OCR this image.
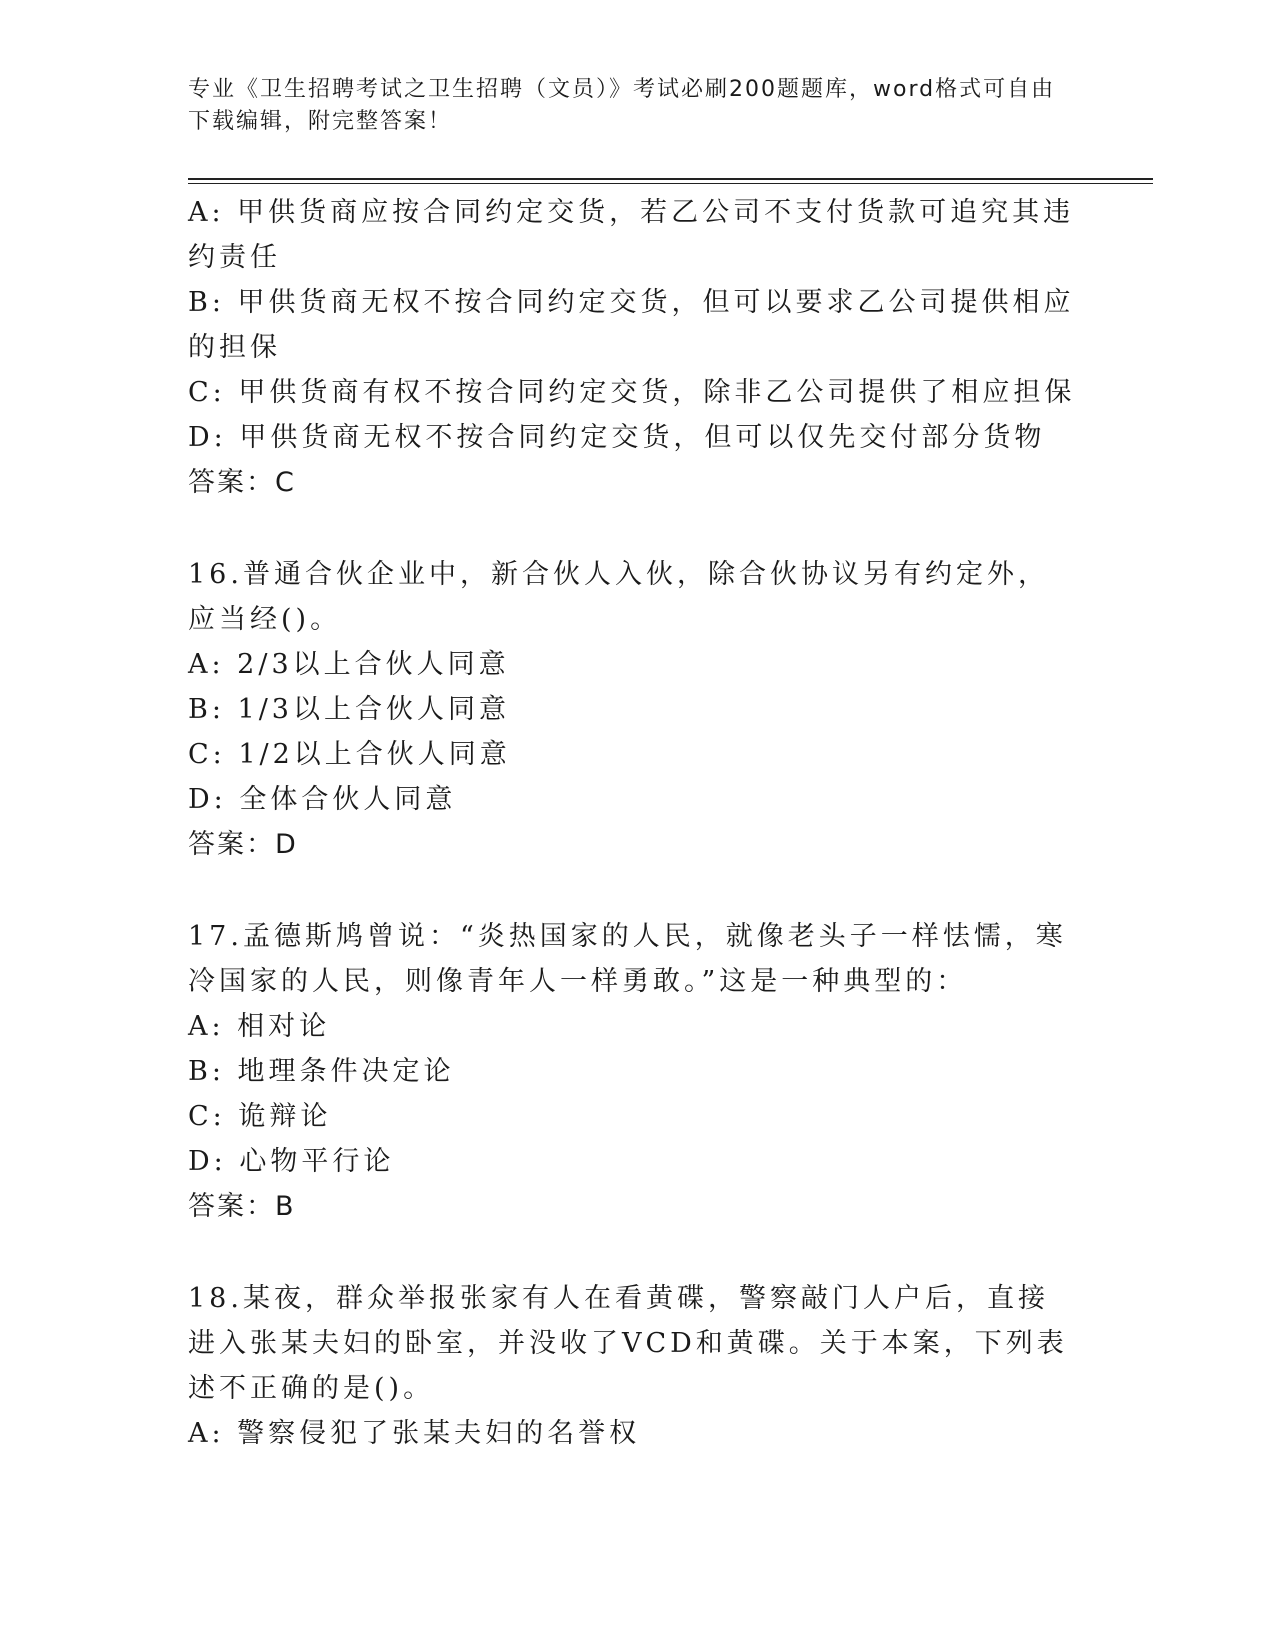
专业《卫生招聘考试之卫生招聘（文员）》考试必刷200题题库，word格式可自由下载编辑，附完整答案！

A: 甲供货商应按合同约定交货，若乙公司不支付货款可追究其违约责任

B: 甲供货商无权不按合同约定交货，但可以要求乙公司提供相应的担保

C: 甲供货商有权不按合同约定交货，除非乙公司提供了相应担保

D: 甲供货商无权不按合同约定交货，但可以仅先交付部分货物

答案：C

16.普通合伙企业中，新合伙人入伙，除合伙协议另有约定外，应当经()。

A: 2/3以上合伙人同意

B: 1/3以上合伙人同意

C: 1/2以上合伙人同意

D: 全体合伙人同意

答案：D

17.孟德斯鸠曾说：“炎热国家的人民，就像老头子一样怯懦，寒冷国家的人民，则像青年人一样勇敢。”这是一种典型的：

A: 相对论

B: 地理条件决定论

C: 诡辩论

D: 心物平行论

答案：B

18.某夜，群众举报张家有人在看黄碟，警察敲门人户后，直接进入张某夫妇的卧室，并没收了VCD和黄碟。关于本案，下列表述不正确的是()。

A: 警察侵犯了张某夫妇的名誉权
